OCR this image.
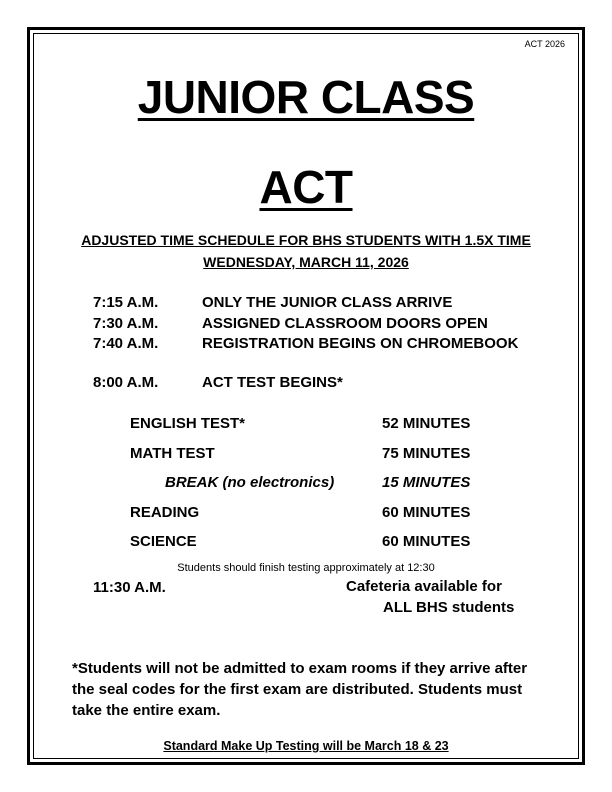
ACT 2026
JUNIOR CLASS
ACT
ADJUSTED TIME SCHEDULE FOR BHS STUDENTS WITH 1.5X TIME
WEDNESDAY, MARCH 11, 2026
7:15 A.M.	ONLY THE JUNIOR CLASS ARRIVE
7:30 A.M.	ASSIGNED CLASSROOM DOORS OPEN
7:40 A.M.	REGISTRATION BEGINS ON CHROMEBOOK
8:00 A.M.	ACT TEST BEGINS*
ENGLISH TEST*	52 MINUTES
MATH TEST	75 MINUTES
BREAK (no electronics)	15 MINUTES
READING	60 MINUTES
SCIENCE	60 MINUTES
Students should finish testing approximately at 12:30
11:30 A.M.	Cafeteria available for
ALL BHS students
*Students will not be admitted to exam rooms if they arrive after the seal codes for the first exam are distributed. Students must take the entire exam.
Standard Make Up Testing will be March 18 & 23
